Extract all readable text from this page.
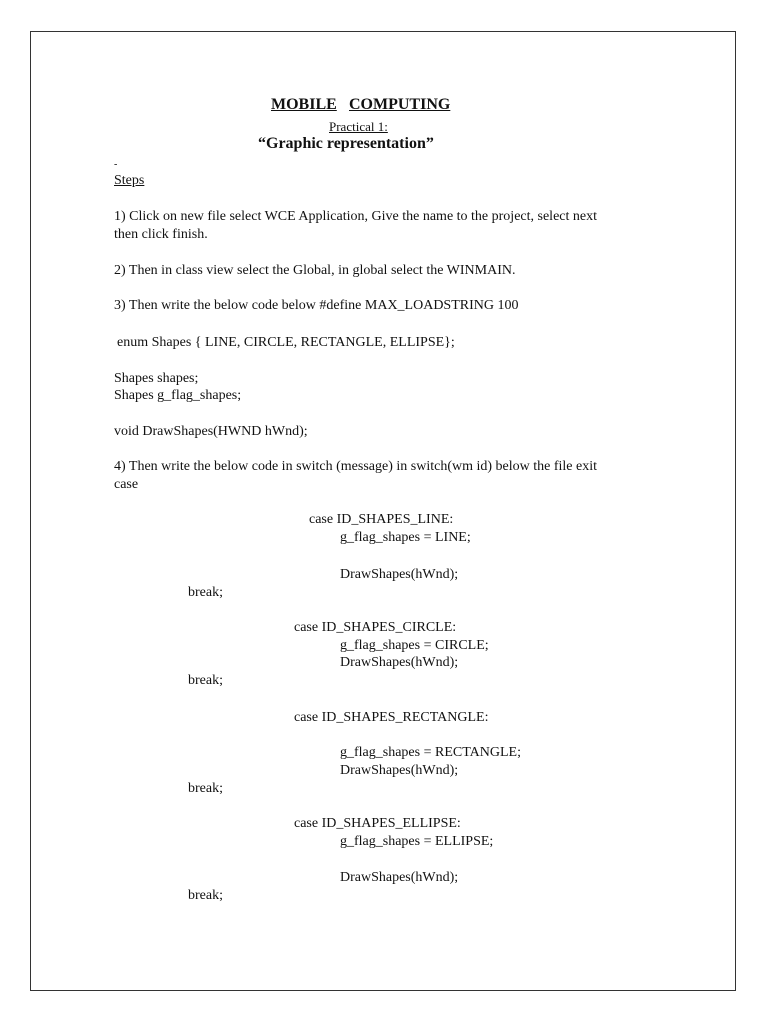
MOBILE COMPUTING
Practical 1:
“Graphic representation”
-
Steps
1) Click on new file select WCE Application, Give the name to the project, select next
then click finish.
2) Then in class view select the Global, in global select the WINMAIN.
3) Then write the below code below #define MAX_LOADSTRING 100
enum Shapes { LINE, CIRCLE, RECTANGLE, ELLIPSE};
Shapes shapes;
Shapes g_flag_shapes;
void DrawShapes(HWND hWnd);
4) Then write the below code in switch (message) in switch(wm id) below the file exit
case
case ID_SHAPES_LINE:
g_flag_shapes = LINE;
DrawShapes(hWnd);
break;
case ID_SHAPES_CIRCLE:
g_flag_shapes = CIRCLE;
DrawShapes(hWnd);
break;
case ID_SHAPES_RECTANGLE:
g_flag_shapes = RECTANGLE;
DrawShapes(hWnd);
break;
case ID_SHAPES_ELLIPSE:
g_flag_shapes = ELLIPSE;
DrawShapes(hWnd);
break;
